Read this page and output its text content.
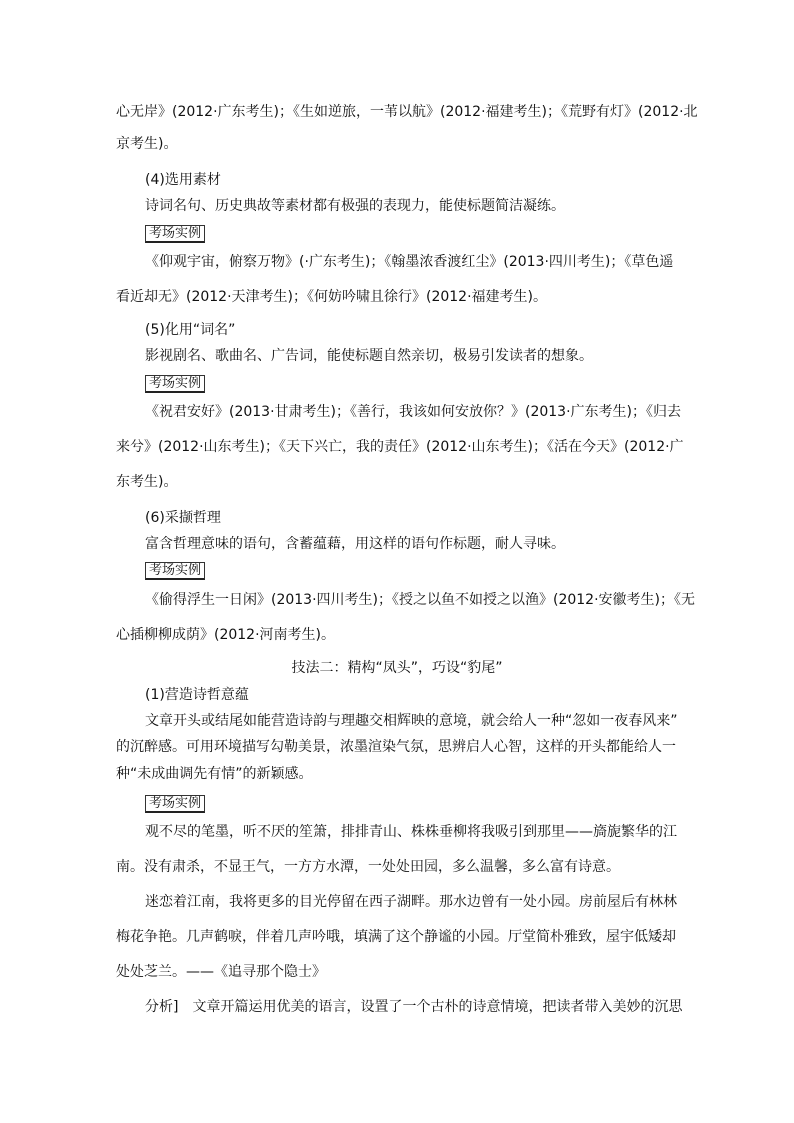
心无岸》(2012·广东考生)；《生如逆旅，一苇以航》(2012·福建考生)；《荒野有灯》(2012·北
京考生)。
(4)选用素材
诗词名句、历史典故等素材都有极强的表现力，能使标题简洁凝练。
考场实例
《仰观宇宙，俯察万物》(·广东考生)；《翰墨浓香渡红尘》(2013·四川考生)；《草色遥
看近却无》(2012·天津考生)；《何妨吟啸且徐行》(2012·福建考生)。
(5)化用“词名”
影视剧名、歌曲名、广告词，能使标题自然亲切，极易引发读者的想象。
考场实例
《祝君安好》(2013·甘肃考生)；《善行，我该如何安放你？》(2013·广东考生)；《归去
来兮》(2012·山东考生)；《天下兴亡，我的责任》(2012·山东考生)；《活在今天》(2012·广
东考生)。
(6)采撷哲理
富含哲理意味的语句，含蓄蕴藉，用这样的语句作标题，耐人寻味。
考场实例
《偷得浮生一日闲》(2013·四川考生)；《授之以鱼不如授之以渔》(2012·安徽考生)；《无
心插柳柳成荫》(2012·河南考生)。
技法二：精构“凤头”，巧设“豹尾”
(1)营造诗哲意蕴
文章开头或结尾如能营造诗韵与理趣交相辉映的意境，就会给人一种“忽如一夜春风来”
的沉醉感。可用环境描写勾勒美景，浓墨渲染气氛，思辨启人心智，这样的开头都能给人一
种“未成曲调先有情”的新颖感。
考场实例
观不尽的笔墨，听不厌的笙箫，排排青山、株株垂柳将我吸引到那里——旖旎繁华的江
南。没有肃杀，不显王气，一方方水潭，一处处田园，多么温馨，多么富有诗意。
迷恋着江南，我将更多的目光停留在西子湖畔。那水边曾有一处小园。房前屋后有林林
梅花争艳。几声鹤唳，伴着几声吟哦，填满了这个静谧的小园。厅堂简朴雅致，屋宇低矮却
处处芝兰。——《追寻那个隐士》
分析]　文章开篇运用优美的语言，设置了一个古朴的诗意情境，把读者带入美妙的沉思
